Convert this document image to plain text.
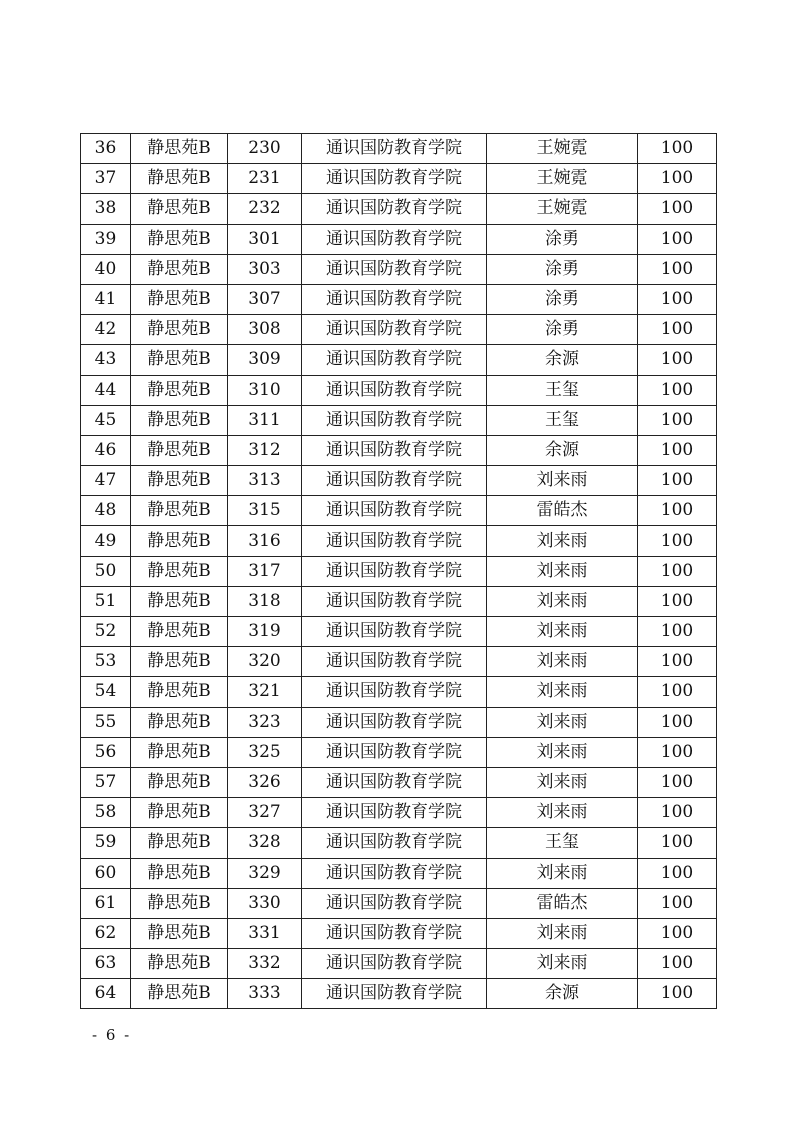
36	静思苑B	230	通识国防教育学院	王婉霓	100
37	静思苑B	231	通识国防教育学院	王婉霓	100
38	静思苑B	232	通识国防教育学院	王婉霓	100
39	静思苑B	301	通识国防教育学院	涂勇	100
40	静思苑B	303	通识国防教育学院	涂勇	100
41	静思苑B	307	通识国防教育学院	涂勇	100
42	静思苑B	308	通识国防教育学院	涂勇	100
43	静思苑B	309	通识国防教育学院	余源	100
44	静思苑B	310	通识国防教育学院	王玺	100
45	静思苑B	311	通识国防教育学院	王玺	100
46	静思苑B	312	通识国防教育学院	余源	100
47	静思苑B	313	通识国防教育学院	刘来雨	100
48	静思苑B	315	通识国防教育学院	雷皓杰	100
49	静思苑B	316	通识国防教育学院	刘来雨	100
50	静思苑B	317	通识国防教育学院	刘来雨	100
51	静思苑B	318	通识国防教育学院	刘来雨	100
52	静思苑B	319	通识国防教育学院	刘来雨	100
53	静思苑B	320	通识国防教育学院	刘来雨	100
54	静思苑B	321	通识国防教育学院	刘来雨	100
55	静思苑B	323	通识国防教育学院	刘来雨	100
56	静思苑B	325	通识国防教育学院	刘来雨	100
57	静思苑B	326	通识国防教育学院	刘来雨	100
58	静思苑B	327	通识国防教育学院	刘来雨	100
59	静思苑B	328	通识国防教育学院	王玺	100
60	静思苑B	329	通识国防教育学院	刘来雨	100
61	静思苑B	330	通识国防教育学院	雷皓杰	100
62	静思苑B	331	通识国防教育学院	刘来雨	100
63	静思苑B	332	通识国防教育学院	刘来雨	100
64	静思苑B	333	通识国防教育学院	余源	100
- 6 -
